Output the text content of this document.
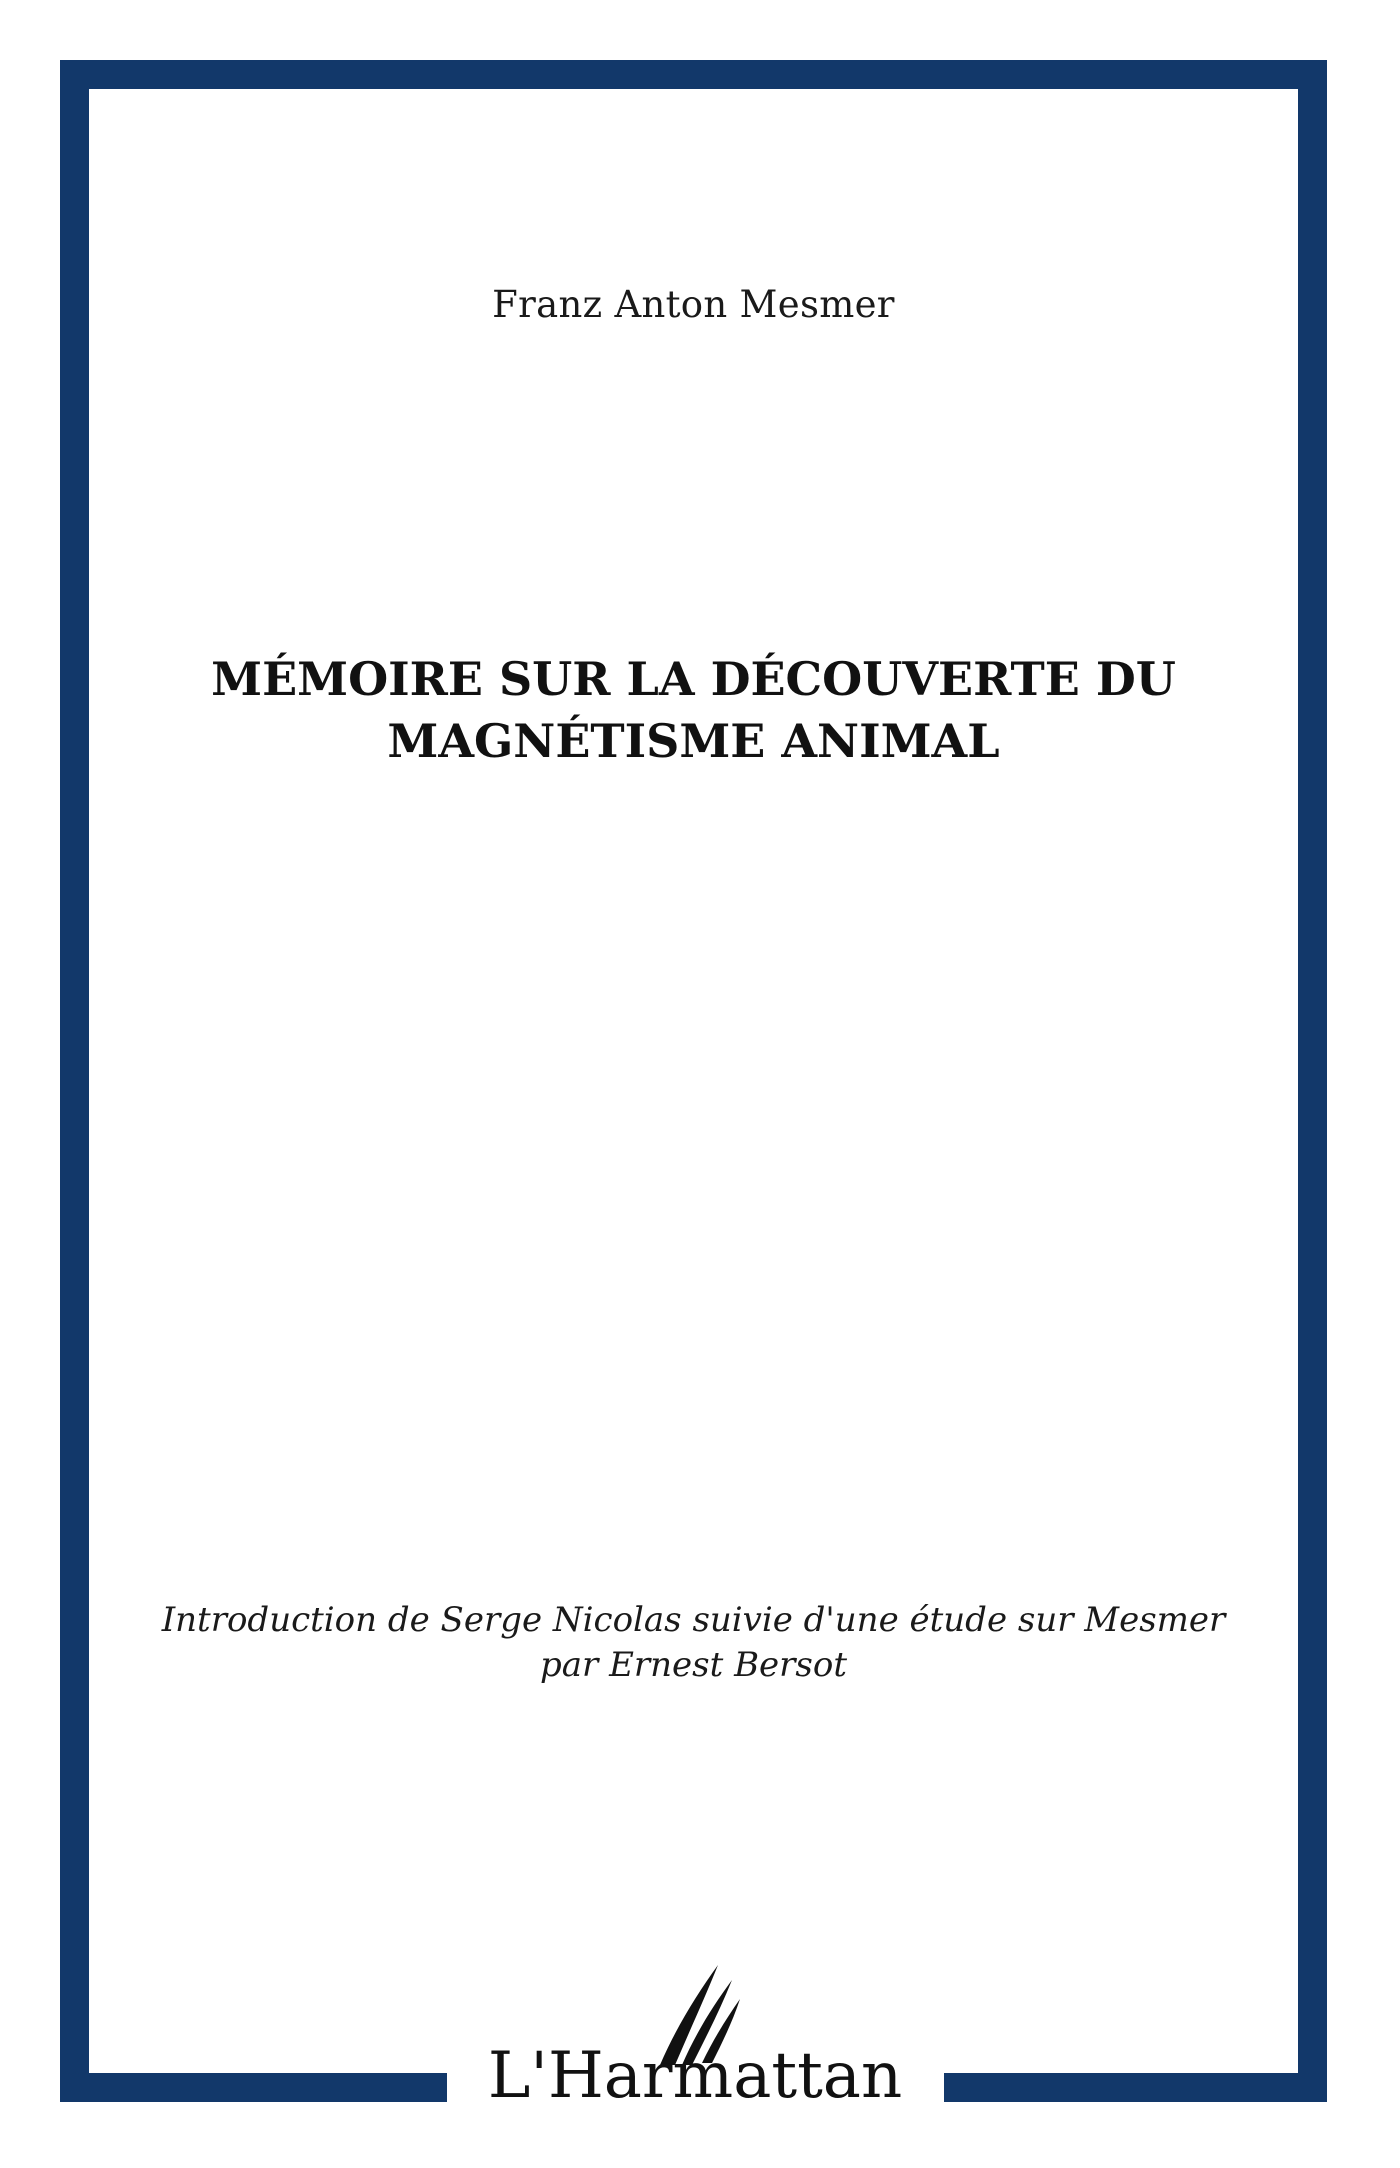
Franz Anton Mesmer
MÉMOIRE SUR LA DÉCOUVERTE DU
MAGNÉTISME ANIMAL
Introduction de Serge Nicolas suivie d'une étude sur Mesmer
par Ernest Bersot
L'Harmattan
